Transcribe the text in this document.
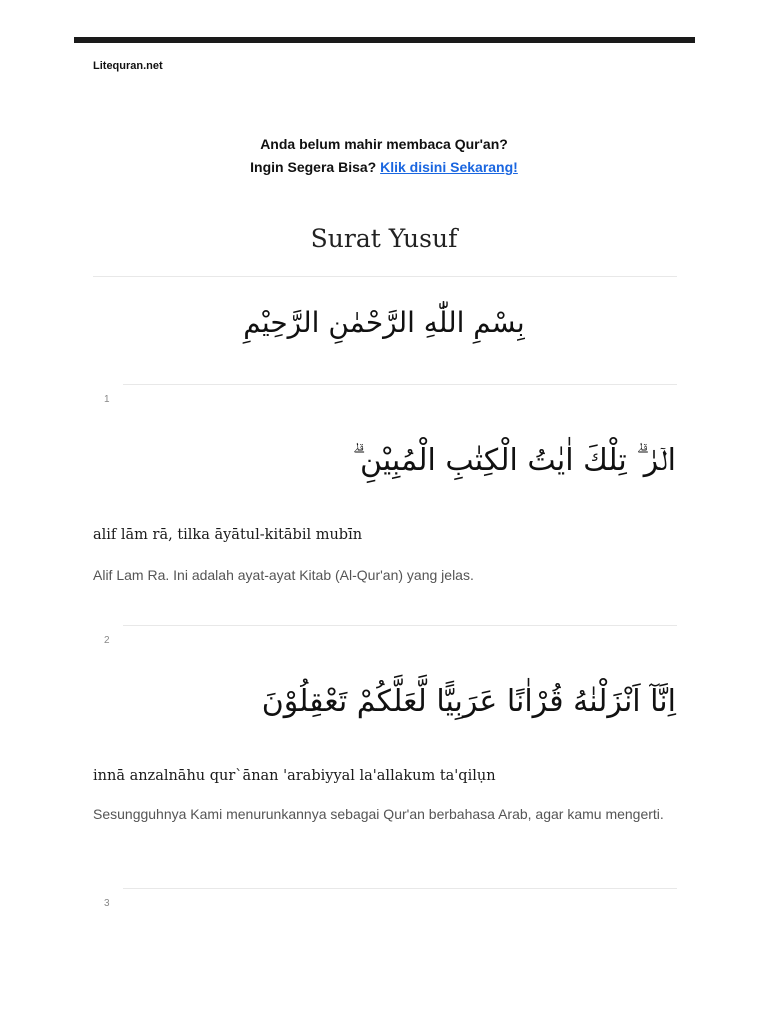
Litequran.net
Anda belum mahir membaca Qur'an?
Ingin Segera Bisa? Klik disini Sekarang!
Surat Yusuf
بِسْمِ اللّٰهِ الرَّحْمٰنِ الرَّحِيْمِ
1
الۤرٰ ۗ تِلْكَ اٰيٰتُ الْكِتٰبِ الْمُبِيْنِ ۗ
alif lām rā, tilka āyātul-kitābil mubīn
Alif Lam Ra. Ini adalah ayat-ayat Kitab (Al-Qur'an) yang jelas.
2
اِنَّآ اَنْزَلْنٰهُ قُرْاٰنًا عَرَبِيًّا لَّعَلَّكُمْ تَعْقِلُوْنَ
innā anzalnāhu qur`ānan 'arabiyyal la'allakum ta'qilụn
Sesungguhnya Kami menurunkannya sebagai Qur'an berbahasa Arab, agar kamu mengerti.
3
